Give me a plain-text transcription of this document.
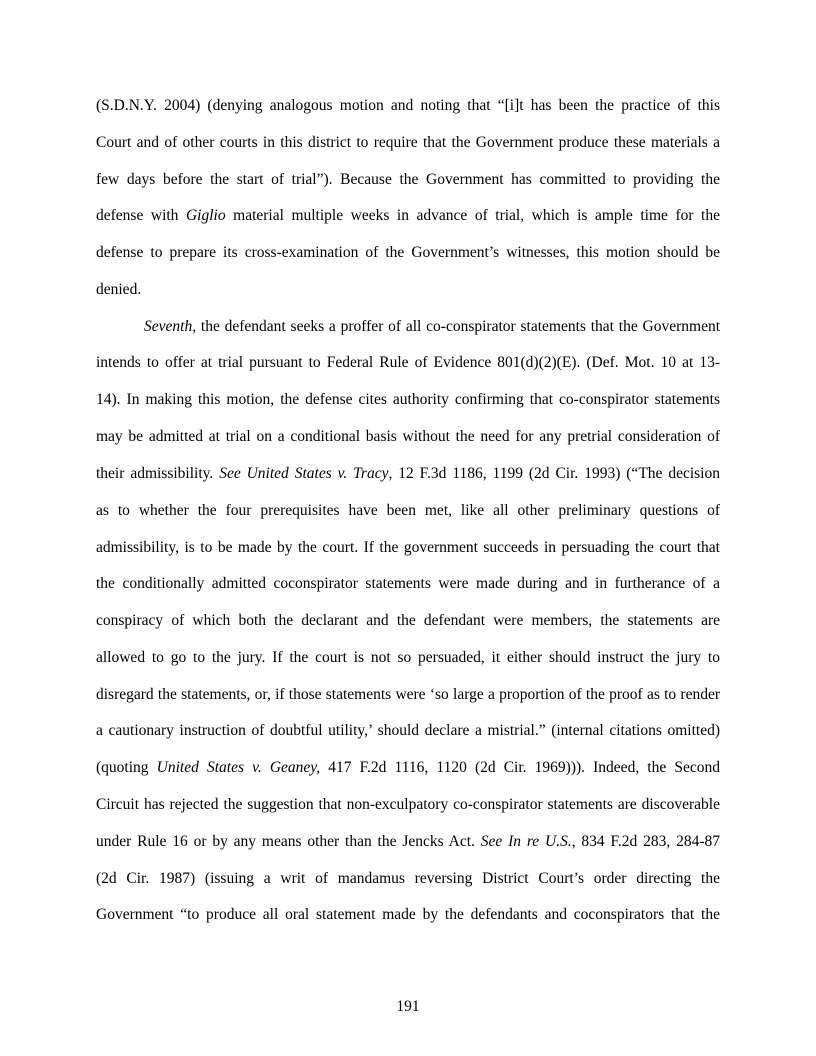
(S.D.N.Y. 2004) (denying analogous motion and noting that “[i]t has been the practice of this
Court and of other courts in this district to require that the Government produce these materials a
few days before the start of trial”). Because the Government has committed to providing the
defense with Giglio material multiple weeks in advance of trial, which is ample time for the
defense to prepare its cross-examination of the Government’s witnesses, this motion should be
denied.
Seventh, the defendant seeks a proffer of all co-conspirator statements that the Government
intends to offer at trial pursuant to Federal Rule of Evidence 801(d)(2)(E). (Def. Mot. 10 at 13-
14). In making this motion, the defense cites authority confirming that co-conspirator statements
may be admitted at trial on a conditional basis without the need for any pretrial consideration of
their admissibility. See United States v. Tracy, 12 F.3d 1186, 1199 (2d Cir. 1993) (“The decision
as to whether the four prerequisites have been met, like all other preliminary questions of
admissibility, is to be made by the court. If the government succeeds in persuading the court that
the conditionally admitted coconspirator statements were made during and in furtherance of a
conspiracy of which both the declarant and the defendant were members, the statements are
allowed to go to the jury. If the court is not so persuaded, it either should instruct the jury to
disregard the statements, or, if those statements were ‘so large a proportion of the proof as to render
a cautionary instruction of doubtful utility,’ should declare a mistrial.” (internal citations omitted)
(quoting United States v. Geaney, 417 F.2d 1116, 1120 (2d Cir. 1969))). Indeed, the Second
Circuit has rejected the suggestion that non-exculpatory co-conspirator statements are discoverable
under Rule 16 or by any means other than the Jencks Act. See In re U.S., 834 F.2d 283, 284-87
(2d Cir. 1987) (issuing a writ of mandamus reversing District Court’s order directing the
Government “to produce all oral statement made by the defendants and coconspirators that the
191
